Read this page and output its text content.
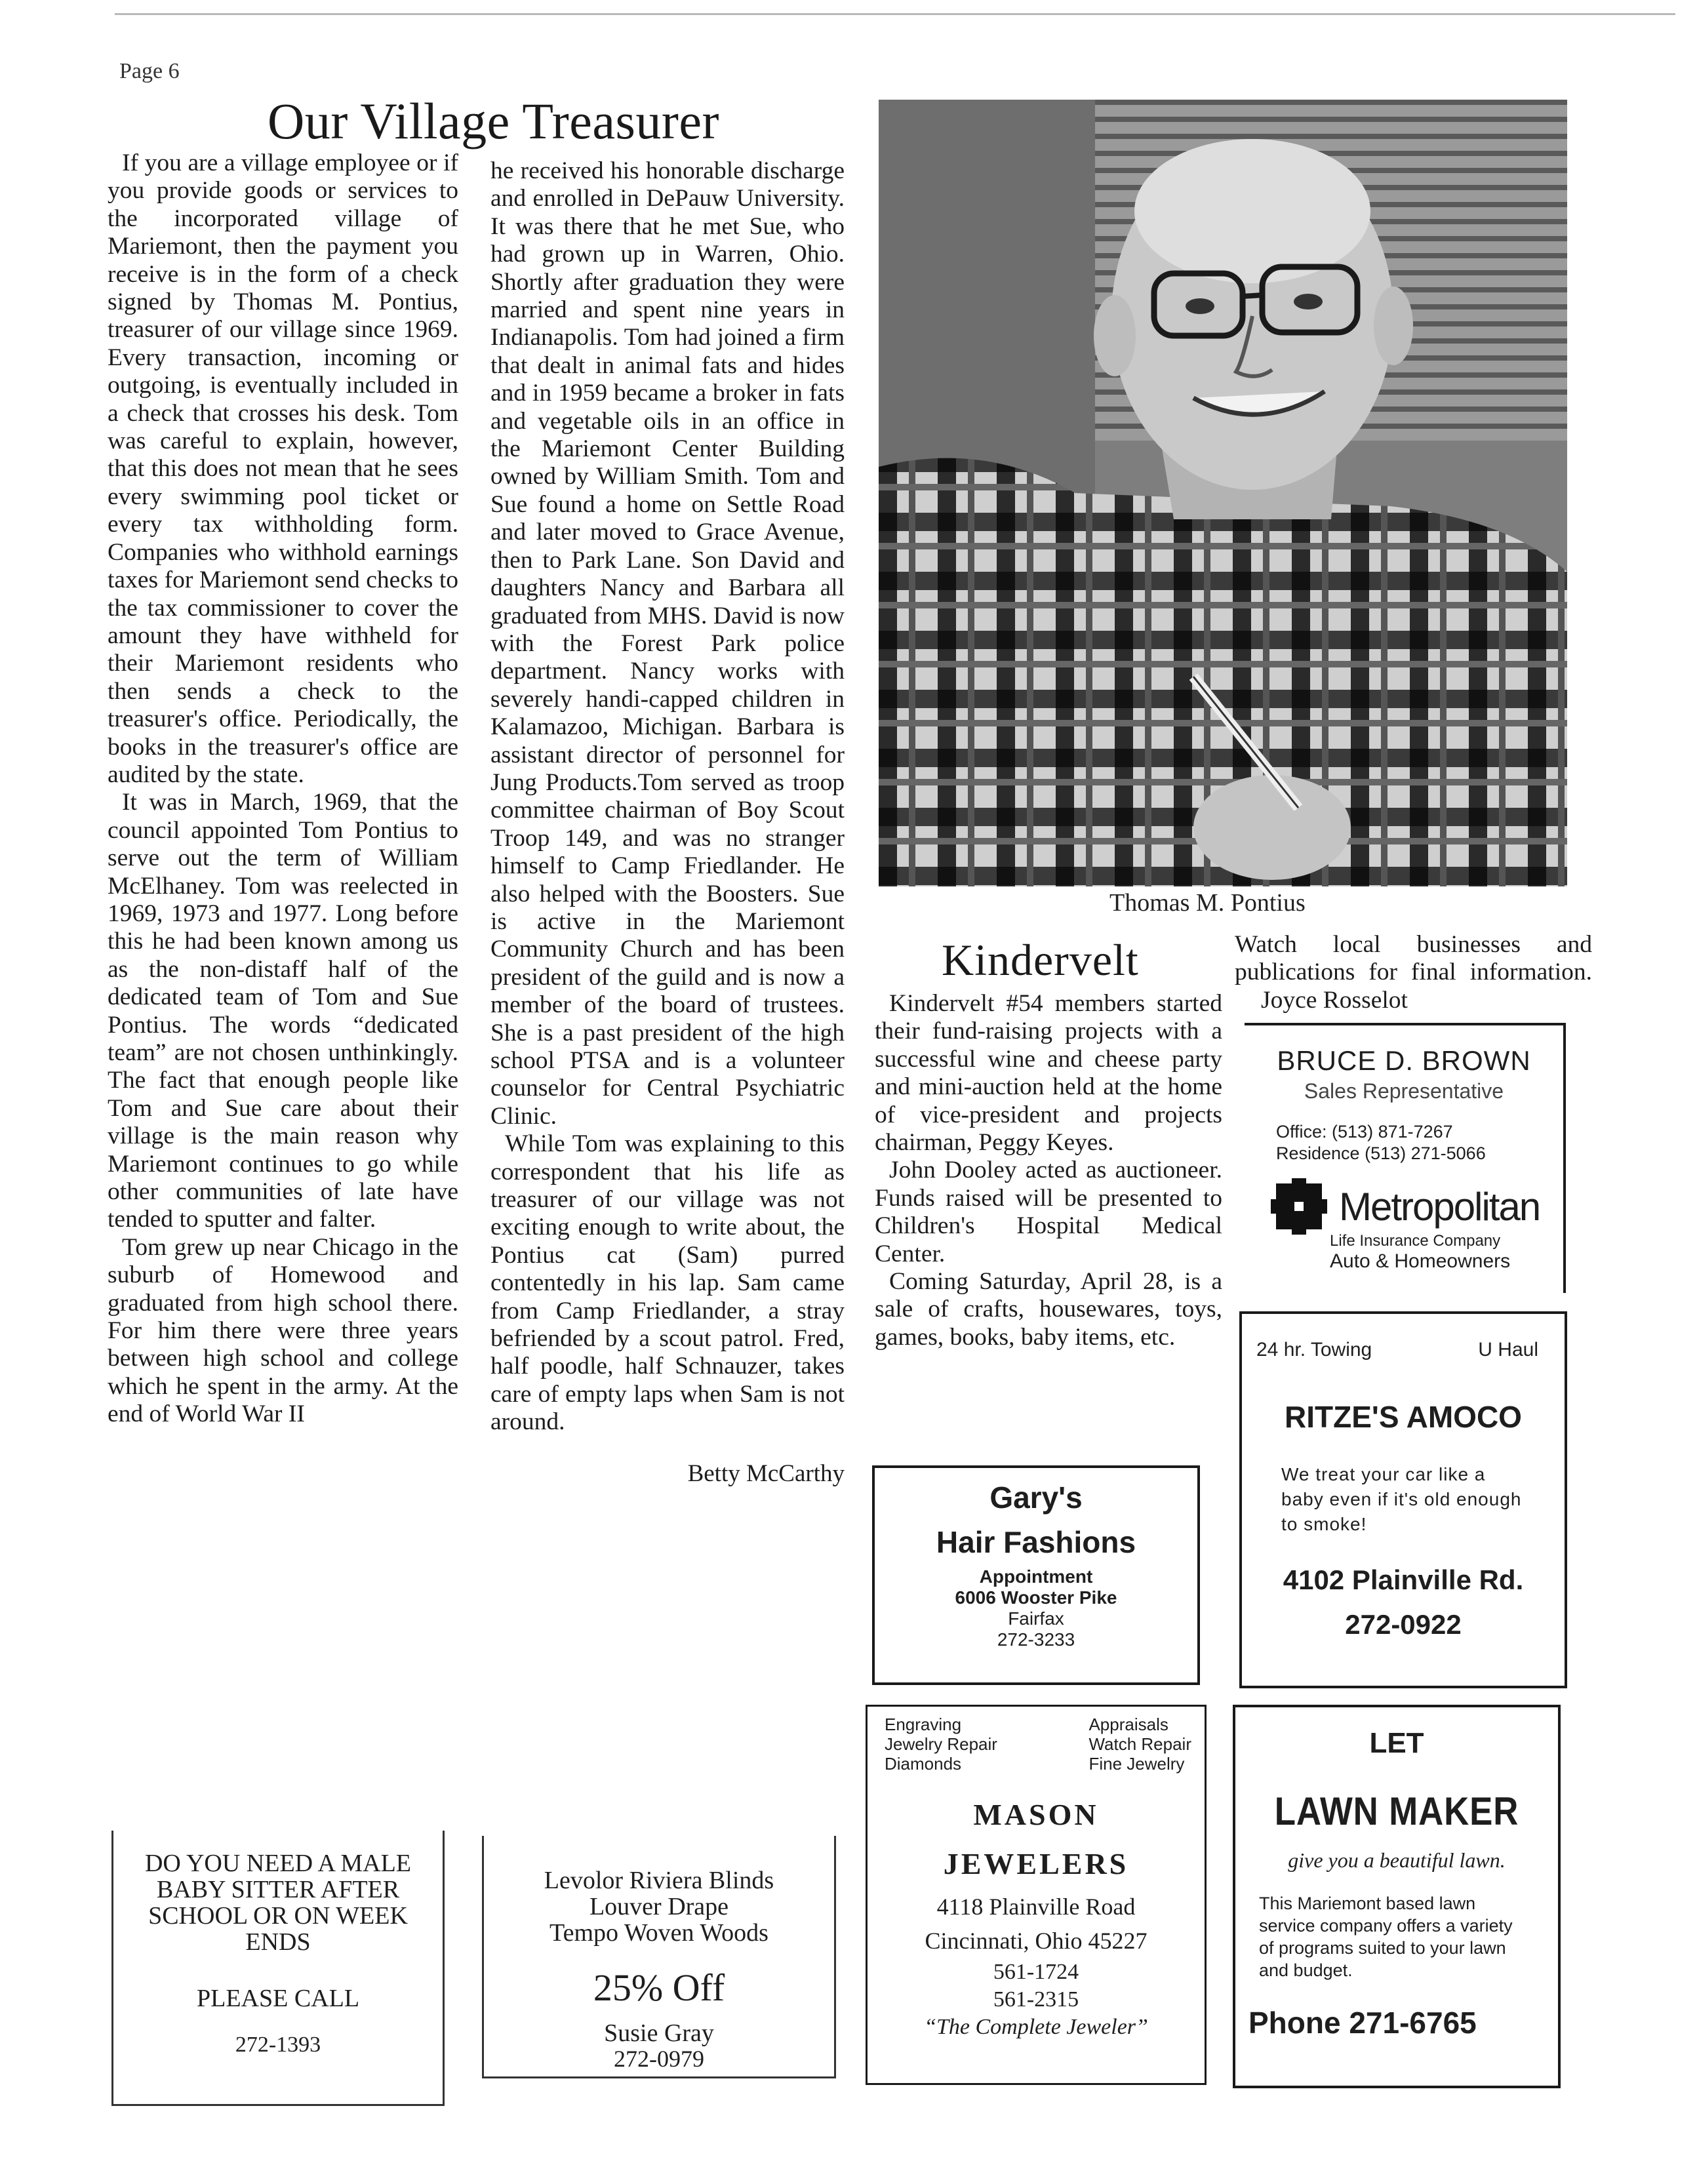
Page 6
Our Village Treasurer

If you are a village employee or if you provide goods or services to the incorporated village of Mariemont, then the payment you receive is in the form of a check signed by Thomas M. Pontius, treasurer of our village since 1969. Every transaction, incoming or outgoing, is eventually included in a check that crosses his desk. Tom was careful to explain, however, that this does not mean that he sees every swimming pool ticket or every tax withholding form. Companies who withhold earnings taxes for Mariemont send checks to the tax commissioner to cover the amount they have withheld for their Mariemont residents who then sends a check to the treasurer's office. Periodically, the books in the treasurer's office are audited by the state.

It was in March, 1969, that the council appointed Tom Pontius to serve out the term of William McElhaney. Tom was reelected in 1969, 1973 and 1977. Long before this he had been known among us as the non-distaff half of the dedicated team of Tom and Sue Pontius. The words “dedicated team” are not chosen unthinkingly. The fact that enough people like Tom and Sue care about their village is the main reason why Mariemont continues to go while other communities of late have tended to sputter and falter.

Tom grew up near Chicago in the suburb of Homewood and graduated from high school there. For him there were three years between high school and college which he spent in the army. At the end of World War II

he received his honorable discharge and enrolled in DePauw University. It was there that he met Sue, who had grown up in Warren, Ohio. Shortly after graduation they were married and spent nine years in Indianapolis. Tom had joined a firm that dealt in animal fats and hides and in 1959 became a broker in fats and vegetable oils in an office in the Mariemont Center Building owned by William Smith. Tom and Sue found a home on Settle Road and later moved to Grace Avenue, then to Park Lane. Son David and daughters Nancy and Barbara all graduated from MHS. David is now with the Forest Park police department. Nancy works with severely handi-capped children in Kalamazoo, Michigan. Barbara is assistant director of personnel for Jung Products.Tom served as troop committee chairman of Boy Scout Troop 149, and was no stranger himself to Camp Friedlander. He also helped with the Boosters. Sue is active in the Mariemont Community Church and has been president of the guild and is now a member of the board of trustees. She is a past president of the high school PTSA and is a volunteer counselor for Central Psychiatric Clinic.

While Tom was explaining to this correspondent that his life as treasurer of our village was not exciting enough to write about, the Pontius cat (Sam) purred contentedly in his lap. Sam came from Camp Friedlander, a stray befriended by a scout patrol. Fred, half poodle, half Schnauzer, takes care of empty laps when Sam is not around.

Betty McCarthy

Thomas M. Pontius
Kindervelt

Kindervelt #54 members started their fund-raising projects with a successful wine and cheese party and mini-auction held at the home of vice-president and projects chairman, Peggy Keyes.

John Dooley acted as auctioneer. Funds raised will be presented to Children's Hospital Medical Center.

Coming Saturday, April 28, is a sale of crafts, housewares, toys, games, books, baby items, etc.

Watch local businesses and publications for final information. Joyce Rosselot

BRUCE D. BROWN
Sales Representative
Office: (513) 871-7267
Residence (513) 271-5066
Metropolitan
Life Insurance Company
Auto & Homeowners
24 hr. Towing	U Haul
RITZE'S AMOCO
We treat your car like a baby even if it's old enough to smoke!
4102 Plainville Rd.
272-0922
LET
LAWN MAKER
give you a beautiful lawn.
This Mariemont based lawn service company offers a variety of programs suited to your lawn and budget.
Phone 271-6765
Gary's
Hair Fashions
Appointment
6006 Wooster Pike
Fairfax
272-3233
Engraving
Jewelry Repair
Diamonds
Appraisals
Watch Repair
Fine Jewelry
MASON
JEWELERS
4118 Plainville Road
Cincinnati, Ohio 45227
561-1724
561-2315
“The Complete Jeweler”
DO YOU NEED A MALE BABY SITTER AFTER SCHOOL OR ON WEEK ENDS
PLEASE CALL
272-1393
Levolor Riviera Blinds
Louver Drape
Tempo Woven Woods
25% Off
Susie Gray
272-0979
